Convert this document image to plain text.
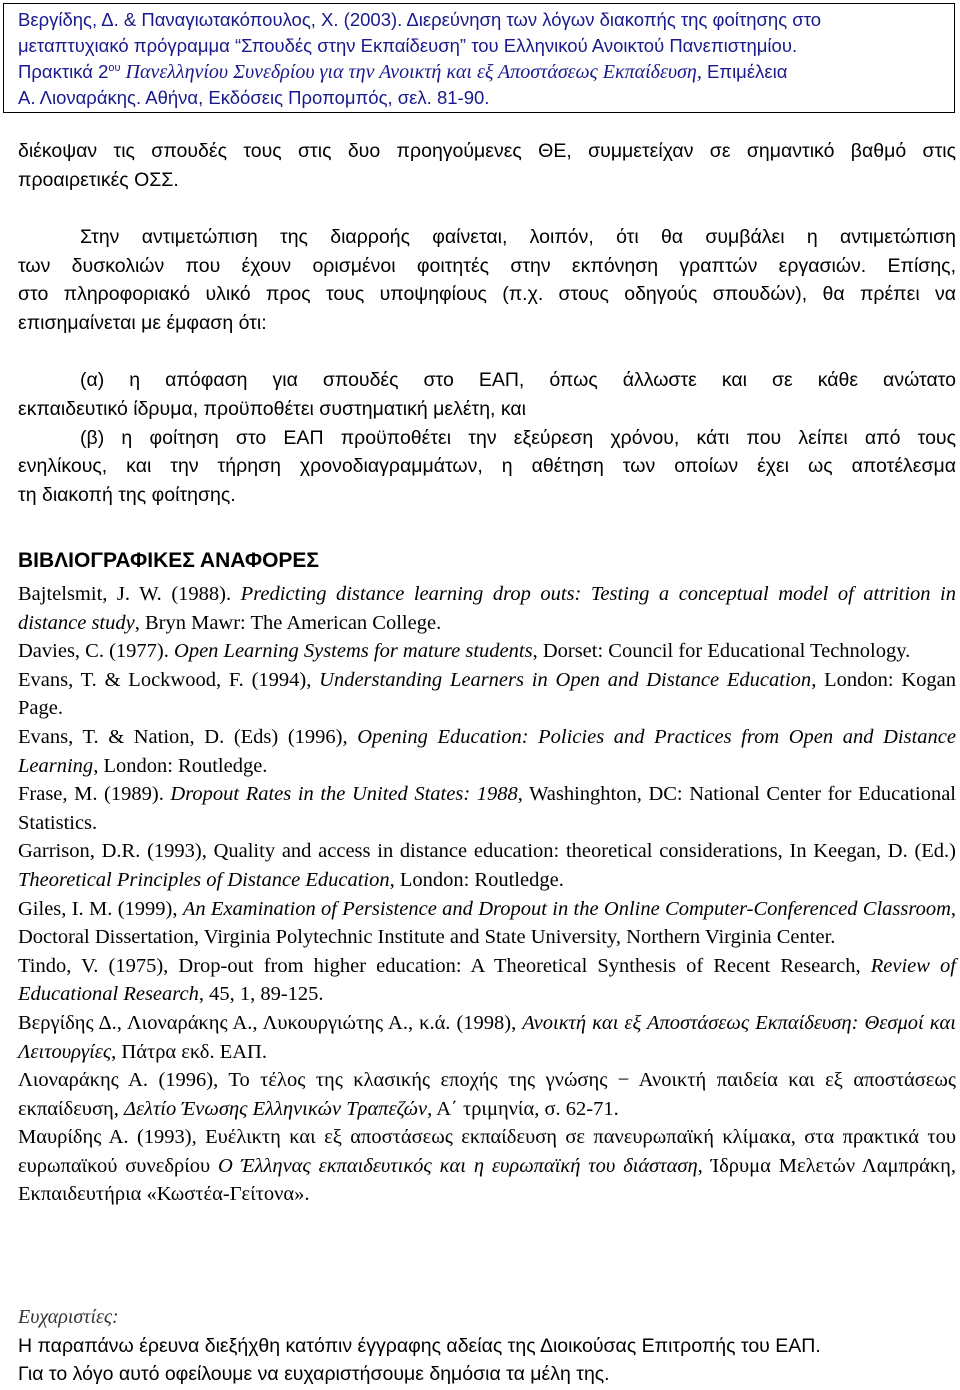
Βεργίδης, Δ. & Παναγιωτακόπουλος, Χ. (2003). Διερεύνηση των λόγων διακοπής της φοίτησης στο
μεταπτυχιακό πρόγραμμα “Σπουδές στην Εκπαίδευση” του Ελληνικού Ανοικτού Πανεπιστημίου.
Πρακτικά $2^{o\upsilon}$ Πανελληνίου Συνεδρίου για την Ανοικτή και εξ Αποστάσεως Εκπαίδευση, Επιμέλεια
Α. Λιοναράκης. Αθήνα, Εκδόσεις Προπομπός, σελ. 81-90.
διέκοψαν τις σπουδές τους στις δυο προηγούμενες ΘΕ, συμμετείχαν σε σημαντικό βαθμό στις
προαιρετικές ΟΣΣ.
Στην αντιμετώπιση της διαρροής φαίνεται, λοιπόν, ότι θα συμβάλει η αντιμετώπιση
των δυσκολιών που έχουν ορισμένοι φοιτητές στην εκπόνηση γραπτών εργασιών. Επίσης,
στο πληροφοριακό υλικό προς τους υποψηφίους (π.χ. στους οδηγούς σπουδών), θα πρέπει να
επισημαίνεται με έμφαση ότι:
(α) η απόφαση για σπουδές στο ΕΑΠ, όπως άλλωστε και σε κάθε ανώτατο
εκπαιδευτικό ίδρυμα, προϋποθέτει συστηματική μελέτη, και
(β) η φοίτηση στο ΕΑΠ προϋποθέτει την εξεύρεση χρόνου, κάτι που λείπει από τους
ενηλίκους, και την τήρηση χρονοδιαγραμμάτων, η αθέτηση των οποίων έχει ως αποτέλεσμα
τη διακοπή της φοίτησης.
ΒΙΒΛΙΟΓΡΑΦΙΚΕΣ ΑΝΑΦΟΡΕΣ
Bajtelsmit, J. W. (1988). Predicting distance learning drop outs: Testing a conceptual model of attrition in distance study, Bryn Mawr: The American College.
Davies, C. (1977). Open Learning Systems for mature students, Dorset: Council for Educational Technology.
Evans, T. & Lockwood, F. (1994), Understanding Learners in Open and Distance Education, London: Kogan Page.
Evans, T. & Nation, D. (Eds) (1996), Opening Education: Policies and Practices from Open and Distance Learning, London: Routledge.
Frase, M. (1989). Dropout Rates in the United States: 1988, Washinghton, DC: National Center for Educational Statistics.
Garrison, D.R. (1993), Quality and access in distance education: theoretical considerations, In Keegan, D. (Ed.) Theoretical Principles of Distance Education, London: Routledge.
Giles, I. M. (1999), An Examination of Persistence and Dropout in the Online Computer-Conferenced Classroom, Doctoral Dissertation, Virginia Polytechnic Institute and State University, Northern Virginia Center.
Tindo, V. (1975), Drop-out from higher education: A Theoretical Synthesis of Recent Research, Review of Educational Research, 45, 1, 89-125.
Βεργίδης Δ., Λιοναράκης Α., Λυκουργιώτης Α., κ.ά. (1998), Ανοικτή και εξ Αποστάσεως Εκπαίδευση: Θεσμοί και Λειτουργίες, Πάτρα εκδ. ΕΑΠ.
Λιοναράκης Α. (1996), Το τέλος της κλασικής εποχής της γνώσης − Ανοικτή παιδεία και εξ αποστάσεως εκπαίδευση, Δελτίο Ένωσης Ελληνικών Τραπεζών, Α΄ τριμηνία, σ. 62-71.
Μαυρίδης Α. (1993), Ευέλικτη και εξ αποστάσεως εκπαίδευση σε πανευρωπαϊκή κλίμακα, στα πρακτικά του ευρωπαϊκού συνεδρίου Ο Έλληνας εκπαιδευτικός και η ευρωπαϊκή του διάσταση, Ίδρυμα Μελετών Λαμπράκη, Εκπαιδευτήρια «Κωστέα-Γείτονα».
Ευχαριστίες:
Η παραπάνω έρευνα διεξήχθη κατόπιν έγγραφης αδείας της Διοικούσας Επιτροπής του ΕΑΠ.
Για το λόγο αυτό οφείλουμε να ευχαριστήσουμε δημόσια τα μέλη της.
